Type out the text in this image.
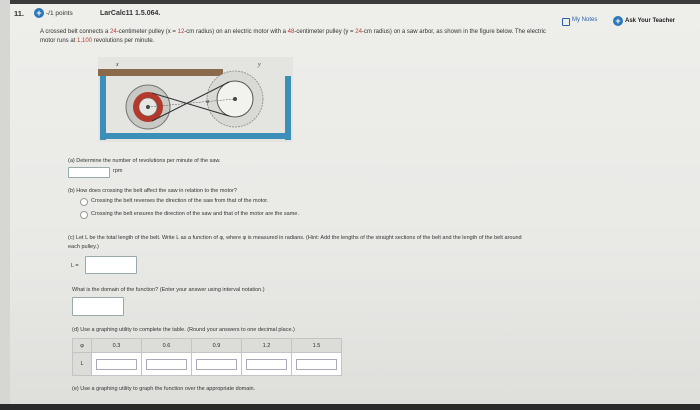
11. + -/1 points	LarCalc11 1.5.064.
My Notes + Ask Your Teacher
A crossed belt connects a 24-centimeter pulley (x = 12-cm radius) on an electric motor with a 48-centimeter pulley (y = 24-cm radius) on a saw arbor, as shown in the figure below. The electric
motor runs at 1,100 revolutions per minute.
x	y
φ
(a) Determine the number of revolutions per minute of the saw.
rpm
(b) How does crossing the belt affect the saw in relation to the motor?
Crossing the belt reverses the direction of the saw from that of the motor.
Crossing the belt ensures the direction of the saw and that of the motor are the same.
(c) Let L be the total length of the belt. Write L as a function of φ, where φ is measured in radians. (Hint: Add the lengths of the straight sections of the belt and the length of the belt around
each pulley.)
L =
What is the domain of the function? (Enter your answer using interval notation.)
(d) Use a graphing utility to complete the table. (Round your answers to one decimal place.)
φ	0.3	0.6	0.9	1.2	1.5
L	

(e) Use a graphing utility to graph the function over the appropriate domain.
